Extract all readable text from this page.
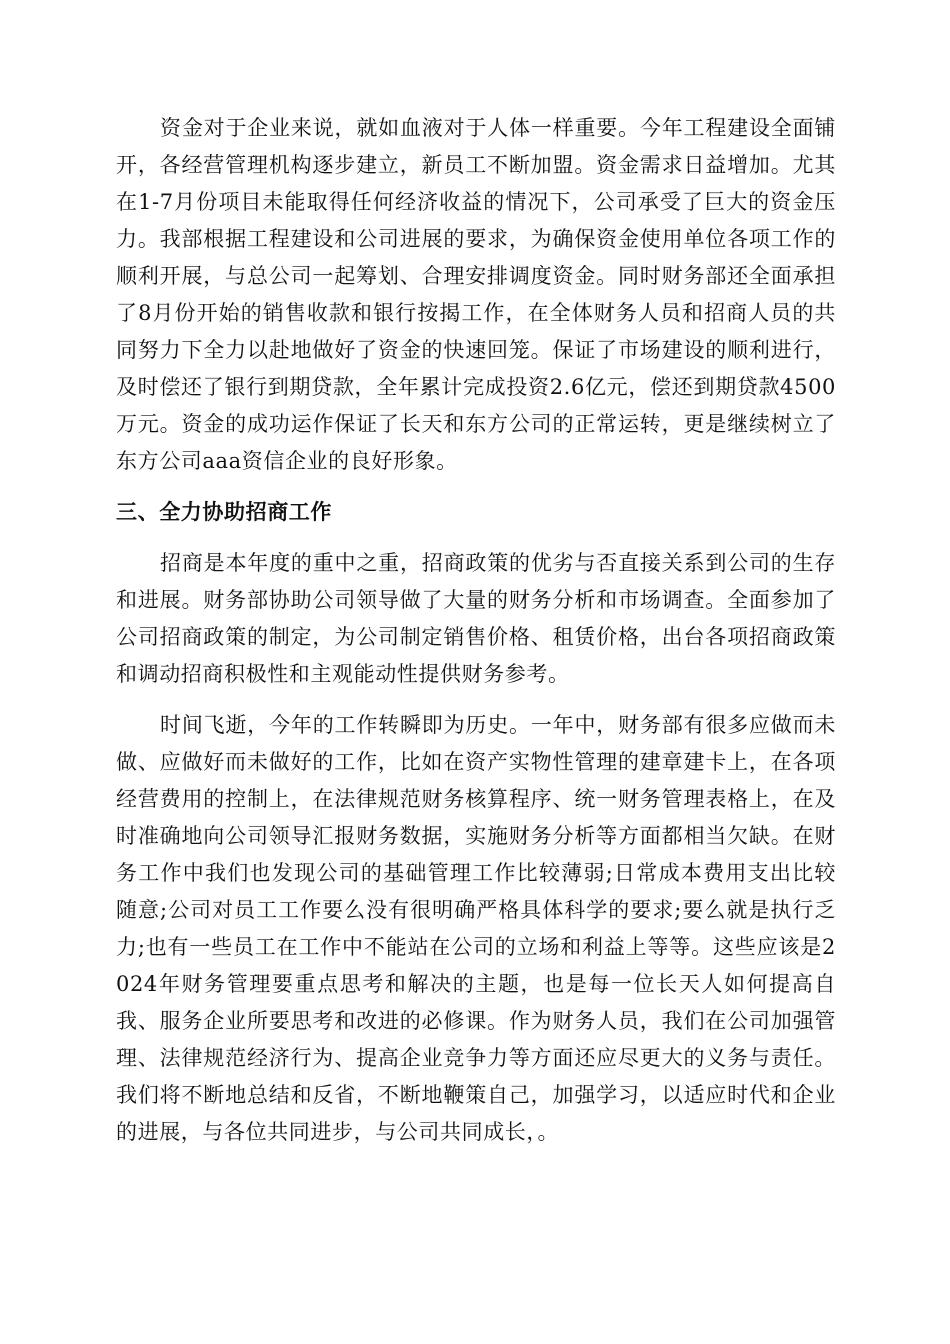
资金对于企业来说，就如血液对于人体一样重要。今年工程建设全面铺开，各经营管理机构逐步建立，新员工不断加盟。资金需求日益增加。尤其在1-7月份项目未能取得任何经济收益的情况下，公司承受了巨大的资金压力。我部根据工程建设和公司进展的要求，为确保资金使用单位各项工作的顺利开展，与总公司一起筹划、合理安排调度资金。同时财务部还全面承担了8月份开始的销售收款和银行按揭工作，在全体财务人员和招商人员的共同努力下全力以赴地做好了资金的快速回笼。保证了市场建设的顺利进行，及时偿还了银行到期贷款，全年累计完成投资2.6亿元，偿还到期贷款4500万元。资金的成功运作保证了长天和东方公司的正常运转，更是继续树立了东方公司aaa资信企业的良好形象。

三、全力协助招商工作

招商是本年度的重中之重，招商政策的优劣与否直接关系到公司的生存和进展。财务部协助公司领导做了大量的财务分析和市场调查。全面参加了公司招商政策的制定，为公司制定销售价格、租赁价格，出台各项招商政策和调动招商积极性和主观能动性提供财务参考。

时间飞逝，今年的工作转瞬即为历史。一年中，财务部有很多应做而未做、应做好而未做好的工作，比如在资产实物性管理的建章建卡上，在各项经营费用的控制上，在法律规范财务核算程序、统一财务管理表格上，在及时准确地向公司领导汇报财务数据，实施财务分析等方面都相当欠缺。在财务工作中我们也发现公司的基础管理工作比较薄弱;日常成本费用支出比较随意;公司对员工工作要么没有很明确严格具体科学的要求;要么就是执行乏力;也有一些员工在工作中不能站在公司的立场和利益上等等。这些应该是2024年财务管理要重点思考和解决的主题，也是每一位长天人如何提高自我、服务企业所要思考和改进的必修课。作为财务人员，我们在公司加强管理、法律规范经济行为、提高企业竞争力等方面还应尽更大的义务与责任。我们将不断地总结和反省，不断地鞭策自己，加强学习，以适应时代和企业的进展，与各位共同进步，与公司共同成长，。
